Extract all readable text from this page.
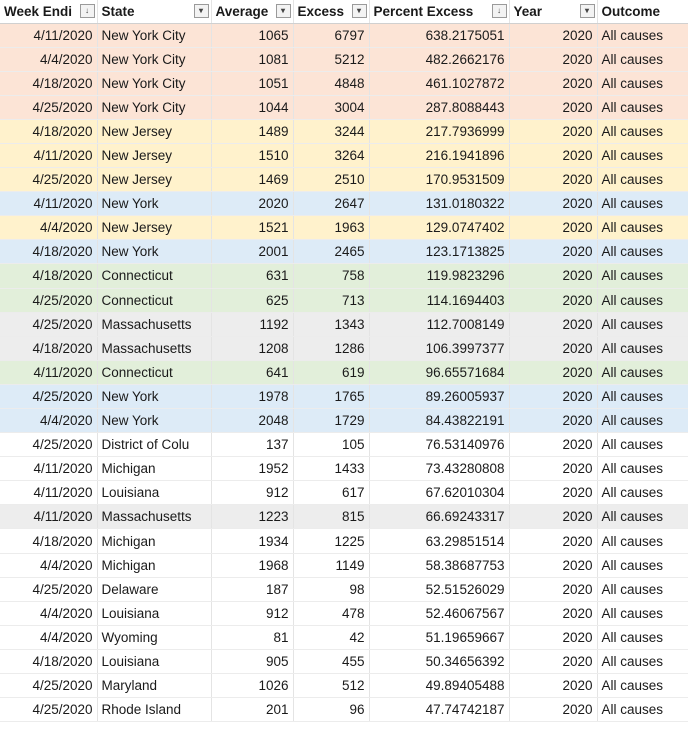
Week Endi ↓	State ▾	Average ▾	Excess ▾	Percent Excess ↓	Year ▾	Outcome
4/11/2020	New York City	1065	6797	638.2175051	2020	All causes
4/4/2020	New York City	1081	5212	482.2662176	2020	All causes
4/18/2020	New York City	1051	4848	461.1027872	2020	All causes
4/25/2020	New York City	1044	3004	287.8088443	2020	All causes
4/18/2020	New Jersey	1489	3244	217.7936999	2020	All causes
4/11/2020	New Jersey	1510	3264	216.1941896	2020	All causes
4/25/2020	New Jersey	1469	2510	170.9531509	2020	All causes
4/11/2020	New York	2020	2647	131.0180322	2020	All causes
4/4/2020	New Jersey	1521	1963	129.0747402	2020	All causes
4/18/2020	New York	2001	2465	123.1713825	2020	All causes
4/18/2020	Connecticut	631	758	119.9823296	2020	All causes
4/25/2020	Connecticut	625	713	114.1694403	2020	All causes
4/25/2020	Massachusetts	1192	1343	112.7008149	2020	All causes
4/18/2020	Massachusetts	1208	1286	106.3997377	2020	All causes
4/11/2020	Connecticut	641	619	96.65571684	2020	All causes
4/25/2020	New York	1978	1765	89.26005937	2020	All causes
4/4/2020	New York	2048	1729	84.43822191	2020	All causes
4/25/2020	District of Colu	137	105	76.53140976	2020	All causes
4/11/2020	Michigan	1952	1433	73.43280808	2020	All causes
4/11/2020	Louisiana	912	617	67.62010304	2020	All causes
4/11/2020	Massachusetts	1223	815	66.69243317	2020	All causes
4/18/2020	Michigan	1934	1225	63.29851514	2020	All causes
4/4/2020	Michigan	1968	1149	58.38687753	2020	All causes
4/25/2020	Delaware	187	98	52.51526029	2020	All causes
4/4/2020	Louisiana	912	478	52.46067567	2020	All causes
4/4/2020	Wyoming	81	42	51.19659667	2020	All causes
4/18/2020	Louisiana	905	455	50.34656392	2020	All causes
4/25/2020	Maryland	1026	512	49.89405488	2020	All causes
4/25/2020	Rhode Island	201	96	47.74742187	2020	All causes
